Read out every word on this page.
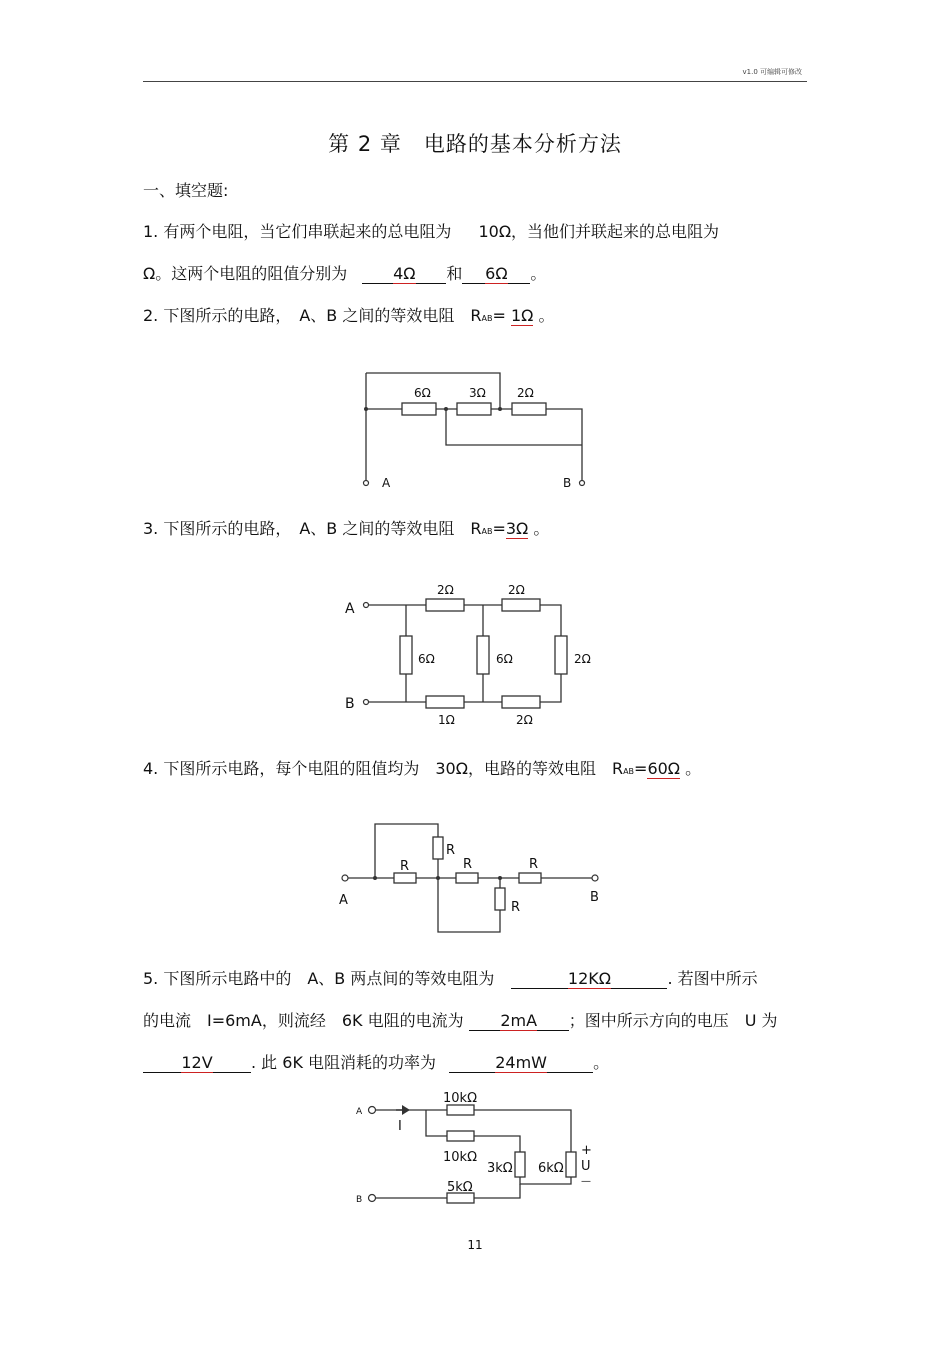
v1.0 可编辑可修改
第 2 章　电路的基本分析方法
一、填空题:
1. 有两个电阻，当它们串联起来的总电阻为 10Ω，当他们并联起来的总电阻为
Ω。这两个电阻的阻值分别为	4Ω 和 6Ω 。
2. 下图所示的电路，　A、B 之间的等效电阻　RAB= 1Ω 。
6Ω	3Ω	2Ω
A	B
3. 下图所示的电路，　A、B 之间的等效电阻　RAB=3Ω 。
2Ω	2Ω
6Ω	6Ω	2Ω
1Ω	2Ω
A
B
4. 下图所示电路，每个电阻的阻值均为　30Ω，电路的等效电阻　RAB=60Ω 。
R	R	R
R
R
A	B
5. 下图所示电路中的　A、B 两点间的等效电阻为	12KΩ	. 若图中所示
的电流　I=6mA，则流经　6K 电阻的电流为 2mA ；图中所示方向的电压　U 为
12V . 此 6K 电阻消耗的功率为	24mW	。
10kΩ
10kΩ
3kΩ 6kΩ
5kΩ
I
A
B
+
U
—
11
